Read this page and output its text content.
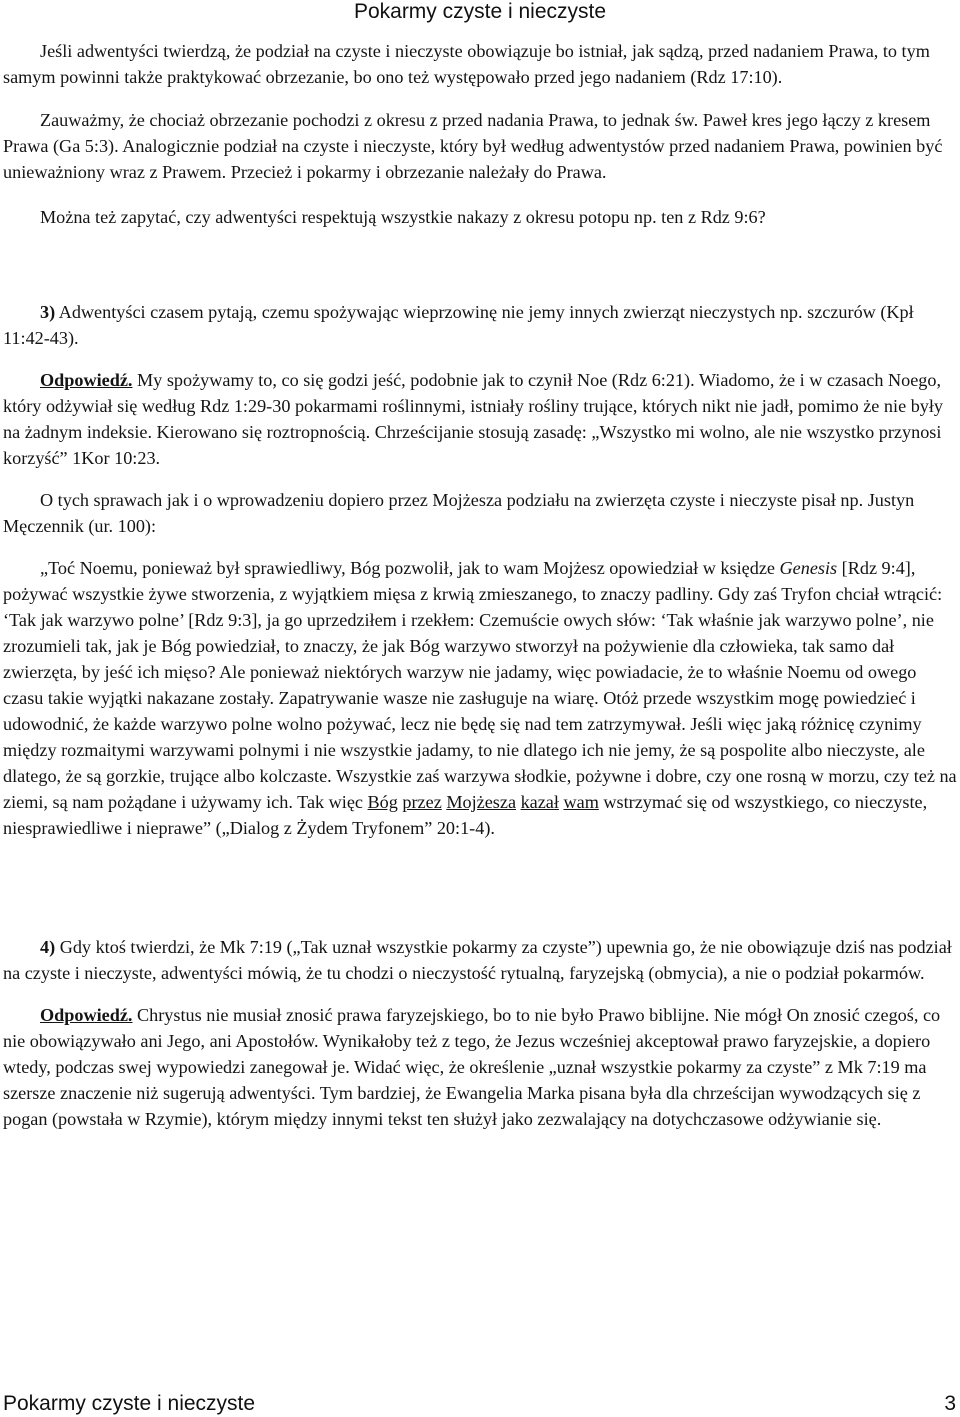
Pokarmy czyste i nieczyste

Jeśli adwentyści twierdzą, że podział na czyste i nieczyste obowiązuje bo istniał, jak sądzą, przed nadaniem Prawa, to tym samym powinni także praktykować obrzezanie, bo ono też występowało przed jego nadaniem (Rdz 17:10).

Zauważmy, że chociaż obrzezanie pochodzi z okresu z przed nadania Prawa, to jednak św. Paweł kres jego łączy z kresem Prawa (Ga 5:3). Analogicznie podział na czyste i nieczyste, który był według adwentystów przed nadaniem Prawa, powinien być unieważniony wraz z Prawem. Przecież i pokarmy i obrzezanie należały do Prawa.

Można też zapytać, czy adwentyści respektują wszystkie nakazy z okresu potopu np. ten z Rdz 9:6?

3) Adwentyści czasem pytają, czemu spożywając wieprzowinę nie jemy innych zwierząt nieczystych np. szczurów (Kpł 11:42-43).

Odpowiedź. My spożywamy to, co się godzi jeść, podobnie jak to czynił Noe (Rdz 6:21). Wiadomo, że i w czasach Noego, który odżywiał się według Rdz 1:29-30 pokarmami roślinnymi, istniały rośliny trujące, których nikt nie jadł, pomimo że nie były na żadnym indeksie. Kierowano się roztropnością. Chrześcijanie stosują zasadę: „Wszystko mi wolno, ale nie wszystko przynosi korzyść” 1Kor 10:23.

O tych sprawach jak i o wprowadzeniu dopiero przez Mojżesza podziału na zwierzęta czyste i nieczyste pisał np. Justyn Męczennik (ur. 100):

„Toć Noemu, ponieważ był sprawiedliwy, Bóg pozwolił, jak to wam Mojżesz opowiedział w księdze Genesis [Rdz 9:4], pożywać wszystkie żywe stworzenia, z wyjątkiem mięsa z krwią zmieszanego, to znaczy padliny. Gdy zaś Tryfon chciał wtrącić: ‘Tak jak warzywo polne’ [Rdz 9:3], ja go uprzedziłem i rzekłem: Czemuście owych słów: ‘Tak właśnie jak warzywo polne’, nie zrozumieli tak, jak je Bóg powiedział, to znaczy, że jak Bóg warzywo stworzył na pożywienie dla człowieka, tak samo dał zwierzęta, by jeść ich mięso? Ale ponieważ niektórych warzyw nie jadamy, więc powiadacie, że to właśnie Noemu od owego czasu takie wyjątki nakazane zostały. Zapatrywanie wasze nie zasługuje na wiarę. Otóż przede wszystkim mogę powiedzieć i udowodnić, że każde warzywo polne wolno pożywać, lecz nie będę się nad tem zatrzymywał. Jeśli więc jaką różnicę czynimy między rozmaitymi warzywami polnymi i nie wszystkie jadamy, to nie dlatego ich nie jemy, że są pospolite albo nieczyste, ale dlatego, że są gorzkie, trujące albo kolczaste. Wszystkie zaś warzywa słodkie, pożywne i dobre, czy one rosną w morzu, czy też na ziemi, są nam pożądane i używamy ich. Tak więc Bóg przez Mojżesza kazał wam wstrzymać się od wszystkiego, co nieczyste, niesprawiedliwe i nieprawe” („Dialog z Żydem Tryfonem” 20:1-4).

4) Gdy ktoś twierdzi, że Mk 7:19 („Tak uznał wszystkie pokarmy za czyste”) upewnia go, że nie obowiązuje dziś nas podział na czyste i nieczyste, adwentyści mówią, że tu chodzi o nieczystość rytualną, faryzejską (obmycia), a nie o podział pokarmów.

Odpowiedź. Chrystus nie musiał znosić prawa faryzejskiego, bo to nie było Prawo biblijne. Nie mógł On znosić czegoś, co nie obowiązywało ani Jego, ani Apostołów. Wynikałoby też z tego, że Jezus wcześniej akceptował prawo faryzejskie, a dopiero wtedy, podczas swej wypowiedzi zanegował je. Widać więc, że określenie „uznał wszystkie pokarmy za czyste” z Mk 7:19 ma szersze znaczenie niż sugerują adwentyści. Tym bardziej, że Ewangelia Marka pisana była dla chrześcijan wywodzących się z pogan (powstała w Rzymie), którym między innymi tekst ten służył jako zezwalający na dotychczasowe odżywianie się.

Pokarmy czyste i nieczyste	3
